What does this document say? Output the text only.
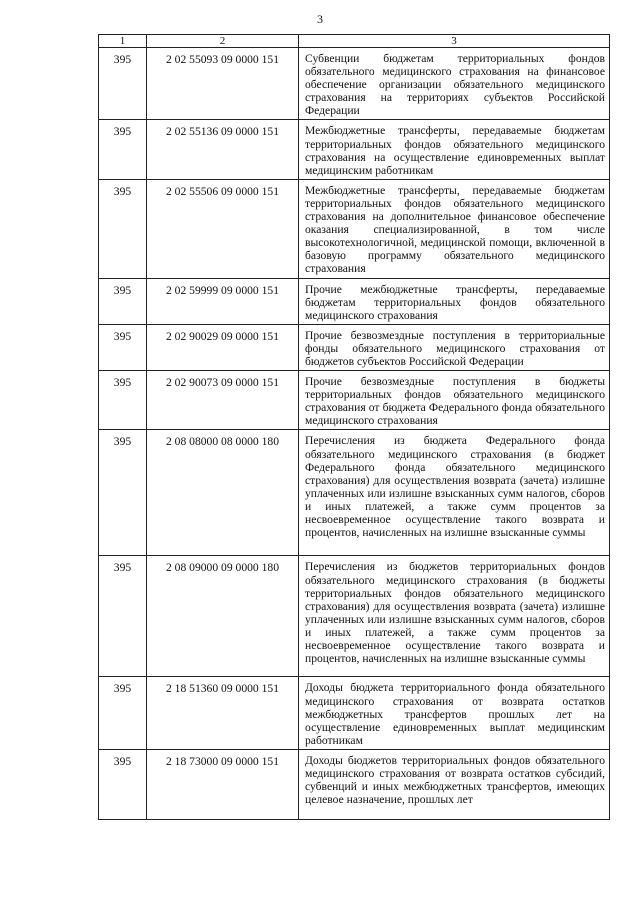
3
1	2	3
395	2 02 55093 09 0000 151	Субвенции бюджетам территориальных фондов обязательного медицинского страхования на финансовое обеспечение организации обязательного медицинского страхования на территориях субъектов Российской Федерации
395	2 02 55136 09 0000 151	Межбюджетные трансферты, передаваемые бюджетам территориальных фондов обязательного медицинского страхования на осуществление единовременных выплат медицинским работникам
395	2 02 55506 09 0000 151	Межбюджетные трансферты, передаваемые бюджетам территориальных фондов обязательного медицинского страхования на дополнительное финансовое обеспечение оказания специализированной, в том числе высокотехнологичной, медицинской помощи, включенной в базовую программу обязательного медицинского страхования
395	2 02 59999 09 0000 151	Прочие межбюджетные трансферты, передаваемые бюджетам территориальных фондов обязательного медицинского страхования
395	2 02 90029 09 0000 151	Прочие безвозмездные поступления в территориальные фонды обязательного медицинского страхования от бюджетов субъектов Российской Федерации
395	2 02 90073 09 0000 151	Прочие безвозмездные поступления в бюджеты территориальных фондов обязательного медицинского страхования от бюджета Федерального фонда обязательного медицинского страхования
395	2 08 08000 08 0000 180	Перечисления из бюджета Федерального фонда обязательного медицинского страхования (в бюджет Федерального фонда обязательного медицинского страхования) для осуществления возврата (зачета) излишне уплаченных или излишне взысканных сумм налогов, сборов и иных платежей, а также сумм процентов за несвоевременное осуществление такого возврата и процентов, начисленных на излишне взысканные суммы
395	2 08 09000 09 0000 180	Перечисления из бюджетов территориальных фондов обязательного медицинского страхования (в бюджеты территориальных фондов обязательного медицинского страхования) для осуществления возврата (зачета) излишне уплаченных или излишне взысканных сумм налогов, сборов и иных платежей, а также сумм процентов за несвоевременное осуществление такого возврата и процентов, начисленных на излишне взысканные суммы
395	2 18 51360 09 0000 151	Доходы бюджета территориального фонда обязательного медицинского страхования от возврата остатков межбюджетных трансфертов прошлых лет на осуществление единовременных выплат медицинским работникам
395	2 18 73000 09 0000 151	Доходы бюджетов территориальных фондов обязательного медицинского страхования от возврата остатков субсидий, субвенций и иных межбюджетных трансфертов, имеющих целевое назначение, прошлых лет
